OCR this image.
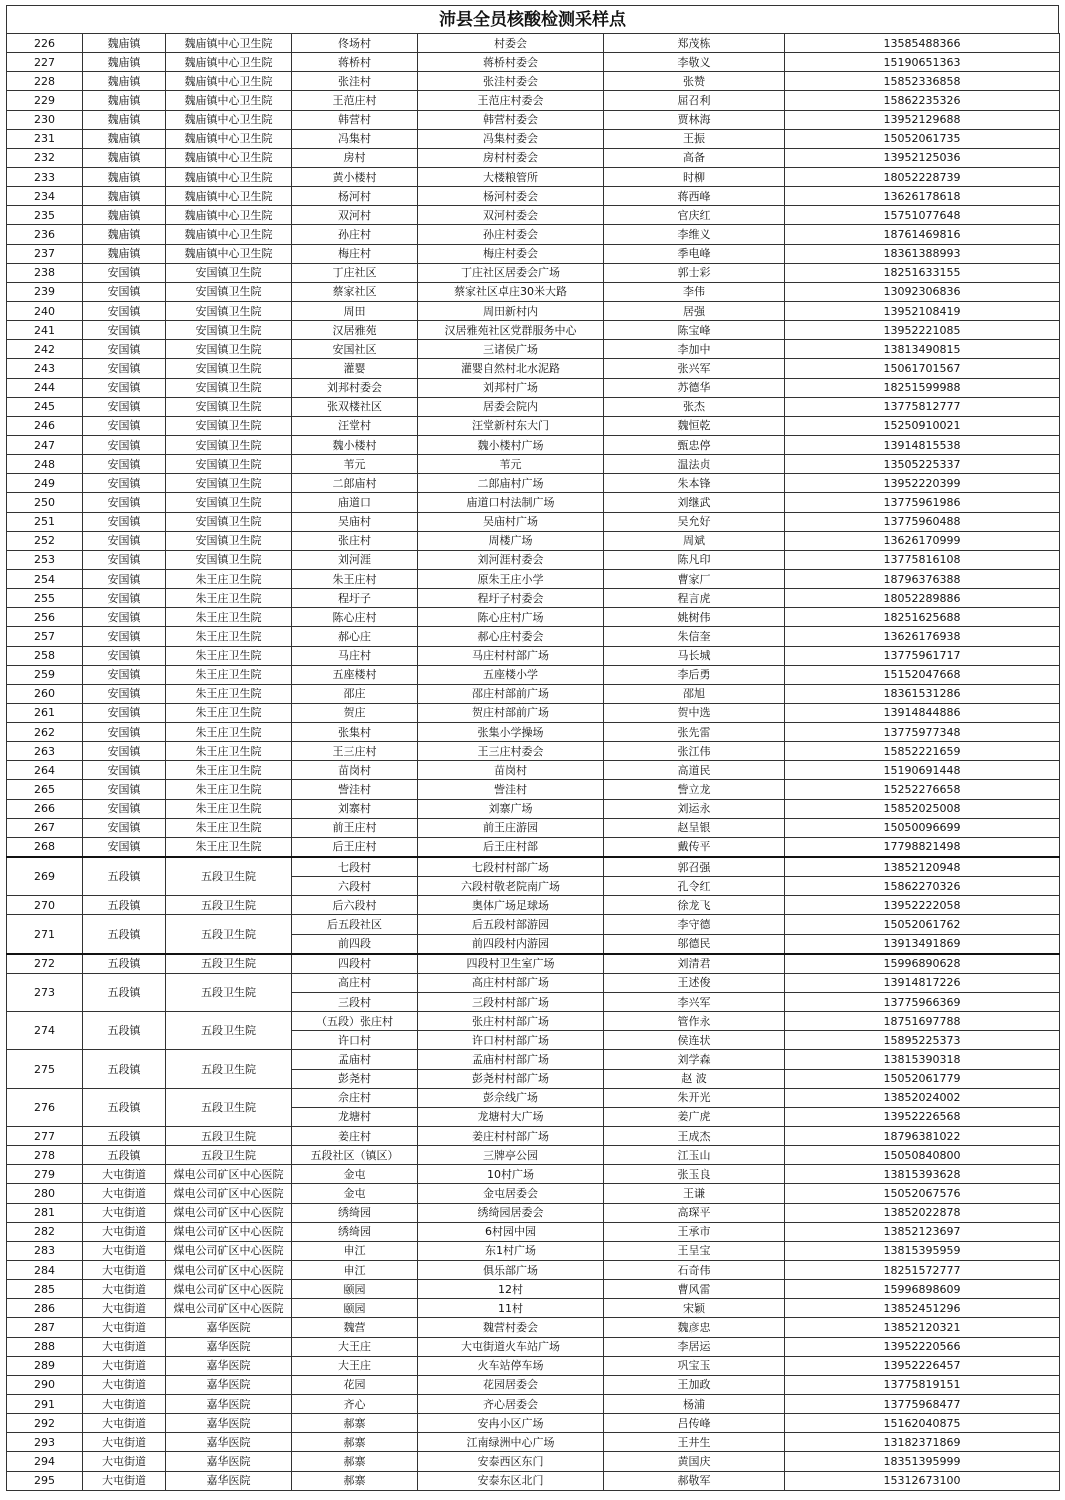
沛县全员核酸检测采样点
226	魏庙镇	魏庙镇中心卫生院	佟场村	村委会	郑茂栋	13585488366
227	魏庙镇	魏庙镇中心卫生院	蒋桥村	蒋桥村委会	李敬义	15190651363
228	魏庙镇	魏庙镇中心卫生院	张洼村	张洼村委会	张赞	15852336858
229	魏庙镇	魏庙镇中心卫生院	王范庄村	王范庄村委会	屈召利	15862235326
230	魏庙镇	魏庙镇中心卫生院	韩营村	韩营村委会	贾林海	13952129688
231	魏庙镇	魏庙镇中心卫生院	冯集村	冯集村委会	王振	15052061735
232	魏庙镇	魏庙镇中心卫生院	房村	房村村委会	高备	13952125036
233	魏庙镇	魏庙镇中心卫生院	黄小楼村	大楼粮管所	时柳	18052228739
234	魏庙镇	魏庙镇中心卫生院	杨河村	杨河村委会	蒋西峰	13626178618
235	魏庙镇	魏庙镇中心卫生院	双河村	双河村委会	官庆红	15751077648
236	魏庙镇	魏庙镇中心卫生院	孙庄村	孙庄村委会	李维义	18761469816
237	魏庙镇	魏庙镇中心卫生院	梅庄村	梅庄村委会	季电峰	18361388993
238	安国镇	安国镇卫生院	丁庄社区	丁庄社区居委会广场	郭士彩	18251633155
239	安国镇	安国镇卫生院	蔡家社区	蔡家社区卓庄30米大路	李伟	13092306836
240	安国镇	安国镇卫生院	周田	周田新村内	居强	13952108419
241	安国镇	安国镇卫生院	汉居雅苑	汉居雅苑社区党群服务中心	陈宝峰	13952221085
242	安国镇	安国镇卫生院	安国社区	三诸侯广场	李加中	13813490815
243	安国镇	安国镇卫生院	灌婴	灌婴自然村北水泥路	张兴军	15061701567
244	安国镇	安国镇卫生院	刘邦村委会	刘邦村广场	苏德华	18251599988
245	安国镇	安国镇卫生院	张双楼社区	居委会院内	张杰	13775812777
246	安国镇	安国镇卫生院	汪堂村	汪堂新村东大门	魏恒乾	15250910021
247	安国镇	安国镇卫生院	魏小楼村	魏小楼村广场	甄忠停	13914815538
248	安国镇	安国镇卫生院	苇元	苇元	温法贞	13505225337
249	安国镇	安国镇卫生院	二郎庙村	二郎庙村广场	朱本锋	13952220399
250	安国镇	安国镇卫生院	庙道口	庙道口村法制广场	刘继武	13775961986
251	安国镇	安国镇卫生院	吴庙村	吴庙村广场	吴允好	13775960488
252	安国镇	安国镇卫生院	张庄村	周楼广场	周斌	13626170999
253	安国镇	安国镇卫生院	刘河涯	刘河涯村委会	陈凡印	13775816108
254	安国镇	朱王庄卫生院	朱王庄村	原朱王庄小学	曹家厂	18796376388
255	安国镇	朱王庄卫生院	程圩子	程圩子村委会	程言虎	18052289886
256	安国镇	朱王庄卫生院	陈心庄村	陈心庄村广场	姚树伟	18251625688
257	安国镇	朱王庄卫生院	郝心庄	郝心庄村委会	朱信奎	13626176938
258	安国镇	朱王庄卫生院	马庄村	马庄村村部广场	马长城	13775961717
259	安国镇	朱王庄卫生院	五座楼村	五座楼小学	李后勇	15152047668
260	安国镇	朱王庄卫生院	邵庄	邵庄村部前广场	邵旭	18361531286
261	安国镇	朱王庄卫生院	贺庄	贺庄村部前广场	贺中选	13914844886
262	安国镇	朱王庄卫生院	张集村	张集小学操场	张先雷	13775977348
263	安国镇	朱王庄卫生院	王三庄村	王三庄村委会	张江伟	15852221659
264	安国镇	朱王庄卫生院	苗岗村	苗岗村	高道民	15190691448
265	安国镇	朱王庄卫生院	訾洼村	訾洼村	訾立龙	15252276658
266	安国镇	朱王庄卫生院	刘寨村	刘寨广场	刘运永	15852025008
267	安国镇	朱王庄卫生院	前王庄村	前王庄游园	赵呈银	15050096699
268	安国镇	朱王庄卫生院	后王庄村	后王庄村部	戴传平	17798821498
269	五段镇	五段卫生院	七段村	七段村村部广场	郭召强	13852120948
			六段村	六段村敬老院南广场	孔令红	15862270326
270	五段镇	五段卫生院	后六段村	奥体广场足球场	徐龙飞	13952222058
271	五段镇	五段卫生院	后五段社区	后五段村部游园	李守德	15052061762
			前四段	前四段村内游园	邬德民	13913491869
272	五段镇	五段卫生院	四段村	四段村卫生室广场	刘清君	15996890628
273	五段镇	五段卫生院	高庄村	高庄村村部广场	王述俊	13914817226
			三段村	三段村村部广场	李兴军	13775966369
274	五段镇	五段卫生院	（五段）张庄村	张庄村村部广场	管作永	18751697788
			许口村	许口村村部广场	侯连状	15895225373
275	五段镇	五段卫生院	孟庙村	孟庙村村部广场	刘学森	13815390318
			彭尧村	彭尧村村部广场	赵 波	15052061779
276	五段镇	五段卫生院	佘庄村	彭佘线广场	朱开光	13852024002
			龙塘村	龙塘村大广场	姜广虎	13952226568
277	五段镇	五段卫生院	姜庄村	姜庄村村部广场	王成杰	18796381022
278	五段镇	五段卫生院	五段社区（镇区）	三牌亭公园	江玉山	15050840800
279	大屯街道	煤电公司矿区中心医院	金屯	10村广场	张玉良	13815393628
280	大屯街道	煤电公司矿区中心医院	金屯	金屯居委会	王谦	15052067576
281	大屯街道	煤电公司矿区中心医院	绣绮园	绣绮园居委会	高琛平	13852022878
282	大屯街道	煤电公司矿区中心医院	绣绮园	6村园中园	王承市	13852123697
283	大屯街道	煤电公司矿区中心医院	申江	东1村广场	王呈宝	13815395959
284	大屯街道	煤电公司矿区中心医院	申江	俱乐部广场	石奇伟	18251572777
285	大屯街道	煤电公司矿区中心医院	颐园	12村	曹风雷	15996898609
286	大屯街道	煤电公司矿区中心医院	颐园	11村	宋颖	13852451296
287	大屯街道	嘉华医院	魏营	魏营村委会	魏彦忠	13852120321
288	大屯街道	嘉华医院	大王庄	大屯街道火车站广场	李居运	13952220566
289	大屯街道	嘉华医院	大王庄	火车站停车场	巩宝玉	13952226457
290	大屯街道	嘉华医院	花园	花园居委会	王加政	13775819151
291	大屯街道	嘉华医院	齐心	齐心居委会	杨浦	13775968477
292	大屯街道	嘉华医院	郝寨	安冉小区广场	吕传峰	15162040875
293	大屯街道	嘉华医院	郝寨	江南绿洲中心广场	王井生	13182371869
294	大屯街道	嘉华医院	郝寨	安泰西区东门	黄国庆	18351395999
295	大屯街道	嘉华医院	郝寨	安泰东区北门	郝敬军	15312673100
